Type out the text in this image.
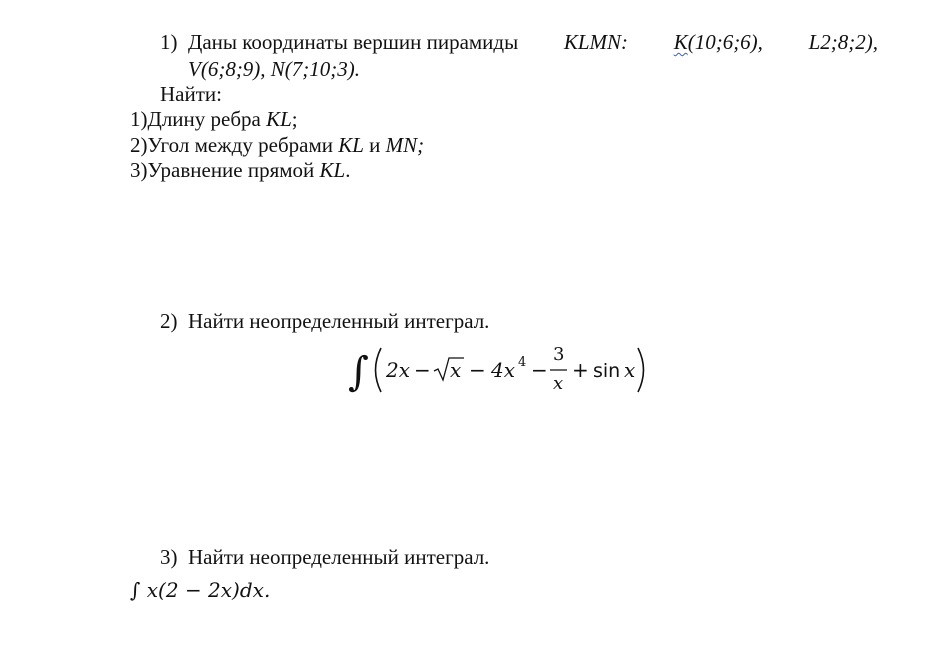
1) Даны координаты вершин пирамиды KLMN: K(10;6;6), L2;8;2),
V(6;8;9), N(7;10;3).
Найти:
1)Длину ребра KL;
2)Угол между ребрами KL и MN;
3)Уравнение прямой KL.
2) Найти неопределенный интеграл.
∫ 2x − x − 4x 4 −
3
x
+ sin x
3) Найти неопределенный интеграл.
∫ x(2 − 2x)dx.
